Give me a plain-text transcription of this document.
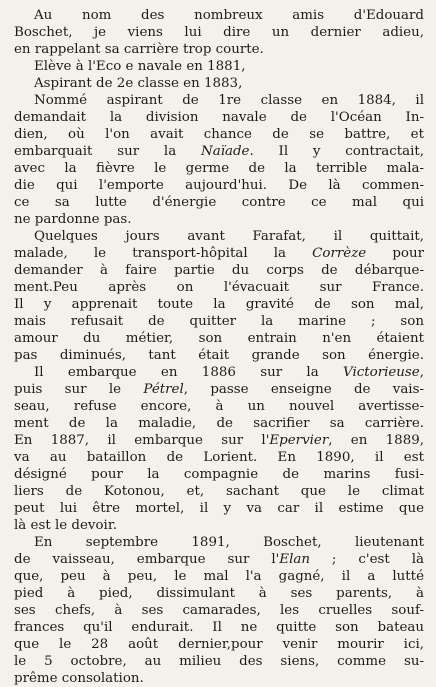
Au nom des nombreux amis d'Edouard
Boschet, je viens lui dire un dernier adieu,
en rappelant sa carrière trop courte.
Elève à l'Eco e navale en 1881,
Aspirant de 2e classe en 1883,
Nommé aspirant de 1re classe en 1884, il
demandait la division navale de l'Océan In-
dien, où l'on avait chance de se battre, et
embarquait sur la Naïade. Il y contractait,
avec la fièvre le germe de la terrible mala-
die qui l'emporte aujourd'hui. De là commen-
ce sa lutte d'énergie contre ce mal qui
ne pardonne pas.
Quelques jours avant Farafat, il quittait,
malade, le transport-hôpital la Corrèze pour
demander à faire partie du corps de débarque-
ment.Peu après on l'évacuait sur France.
Il y apprenait toute la gravité de son mal,
mais refusait de quitter la marine ; son
amour du métier, son entrain n'en étaient
pas diminués, tant était grande son énergie.
Il embarque en 1886 sur la Victorieuse,
puis sur le Pétrel, passe enseigne de vais-
seau, refuse encore, à un nouvel avertisse-
ment de la maladie, de sacrifier sa carrière.
En 1887, il embarque sur l'Epervier, en 1889,
va au bataillon de Lorient. En 1890, il est
désigné pour la compagnie de marins fusi-
liers de Kotonou, et, sachant que le climat
peut lui être mortel, il y va car il estime que
là est le devoir.
En septembre 1891, Boschet, lieutenant
de vaisseau, embarque sur l'Elan ; c'est là
que, peu à peu, le mal l'a gagné, il a lutté
pied à pied, dissimulant à ses parents, à
ses chefs, à ses camarades, les cruelles souf-
frances qu'il endurait. Il ne quitte son bateau
que le 28 août dernier,pour venir mourir ici,
le 5 octobre, au milieu des siens, comme su-
prême consolation.
